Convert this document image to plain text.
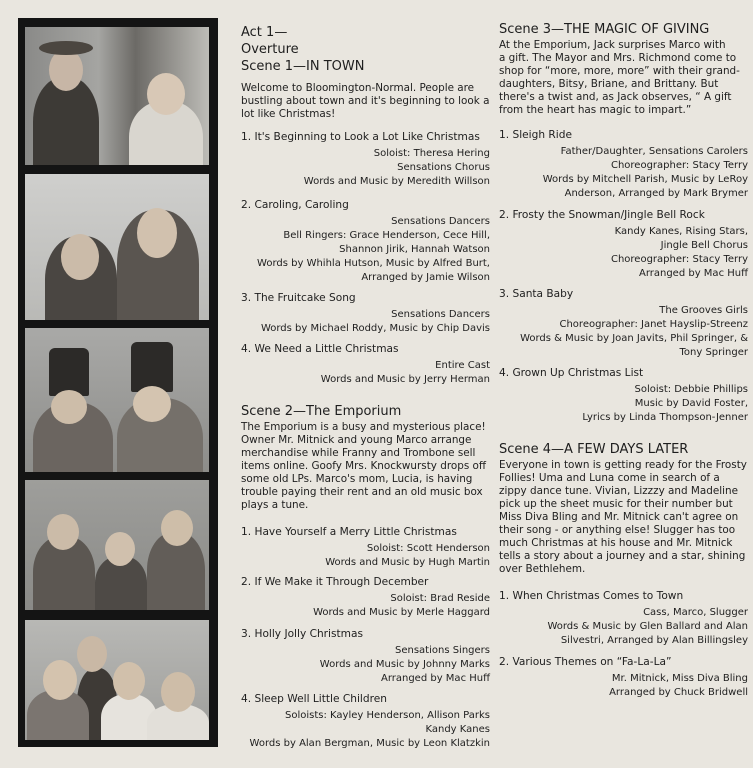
Act 1—
Overture
Scene 1—IN TOWN
Welcome to Bloomington-Normal. People are
bustling about town and it's beginning to look a
lot like Christmas!
1. It's Beginning to Look a Lot Like Christmas
Soloist: Theresa Hering
Sensations Chorus
Words and Music by Meredith Willson
2. Caroling, Caroling
Sensations Dancers
Bell Ringers: Grace Henderson, Cece Hill,
Shannon Jirik, Hannah Watson
Words by Whihla Hutson, Music by Alfred Burt,
Arranged by Jamie Wilson
3. The Fruitcake Song
Sensations Dancers
Words by Michael Roddy, Music by Chip Davis
4. We Need a Little Christmas
Entire Cast
Words and Music by Jerry Herman
Scene 2—The Emporium
The Emporium is a busy and mysterious place!
Owner Mr. Mitnick and young Marco arrange
merchandise while Franny and Trombone sell
items online. Goofy Mrs. Knockwursty drops off
some old LPs. Marco's mom, Lucia, is having
trouble paying their rent and an old music box
plays a tune.
1. Have Yourself a Merry Little Christmas
Soloist: Scott Henderson
Words and Music by Hugh Martin
2. If We Make it Through December
Soloist: Brad Reside
Words and Music by Merle Haggard
3. Holly Jolly Christmas
Sensations Singers
Words and Music by Johnny Marks
Arranged by Mac Huff
4. Sleep Well Little Children
Soloists: Kayley Henderson, Allison Parks
Kandy Kanes
Words by Alan Bergman, Music by Leon Klatzkin
Scene 3—THE MAGIC OF GIVING
At the Emporium, Jack surprises Marco with
a gift. The Mayor and Mrs. Richmond come to
shop for “more, more, more” with their grand-
daughters, Bitsy, Briane, and Brittany. But
there's a twist and, as Jack observes, “ A gift
from the heart has magic to impart.”
1. Sleigh Ride
Father/Daughter, Sensations Carolers
Choreographer: Stacy Terry
Words by Mitchell Parish, Music by LeRoy
Anderson, Arranged by Mark Brymer
2. Frosty the Snowman/Jingle Bell Rock
Kandy Kanes, Rising Stars,
Jingle Bell Chorus
Choreographer: Stacy Terry
Arranged by Mac Huff
3. Santa Baby
The Grooves Girls
Choreographer: Janet Hayslip-Streenz
Words & Music by Joan Javits, Phil Springer, &
Tony Springer
4. Grown Up Christmas List
Soloist: Debbie Phillips
Music by David Foster,
Lyrics by Linda Thompson-Jenner
Scene 4—A FEW DAYS LATER
Everyone in town is getting ready for the Frosty
Follies! Uma and Luna come in search of a
zippy dance tune. Vivian, Lizzzy and Madeline
pick up the sheet music for their number but
Miss Diva Bling and Mr. Mitnick can't agree on
their song - or anything else! Slugger has too
much Christmas at his house and Mr. Mitnick
tells a story about a journey and a star, shining
over Bethlehem.
1. When Christmas Comes to Town
Cass, Marco, Slugger
Words & Music by Glen Ballard and Alan
Silvestri, Arranged by Alan Billingsley
2. Various Themes on “Fa-La-La”
Mr. Mitnick, Miss Diva Bling
Arranged by Chuck Bridwell
